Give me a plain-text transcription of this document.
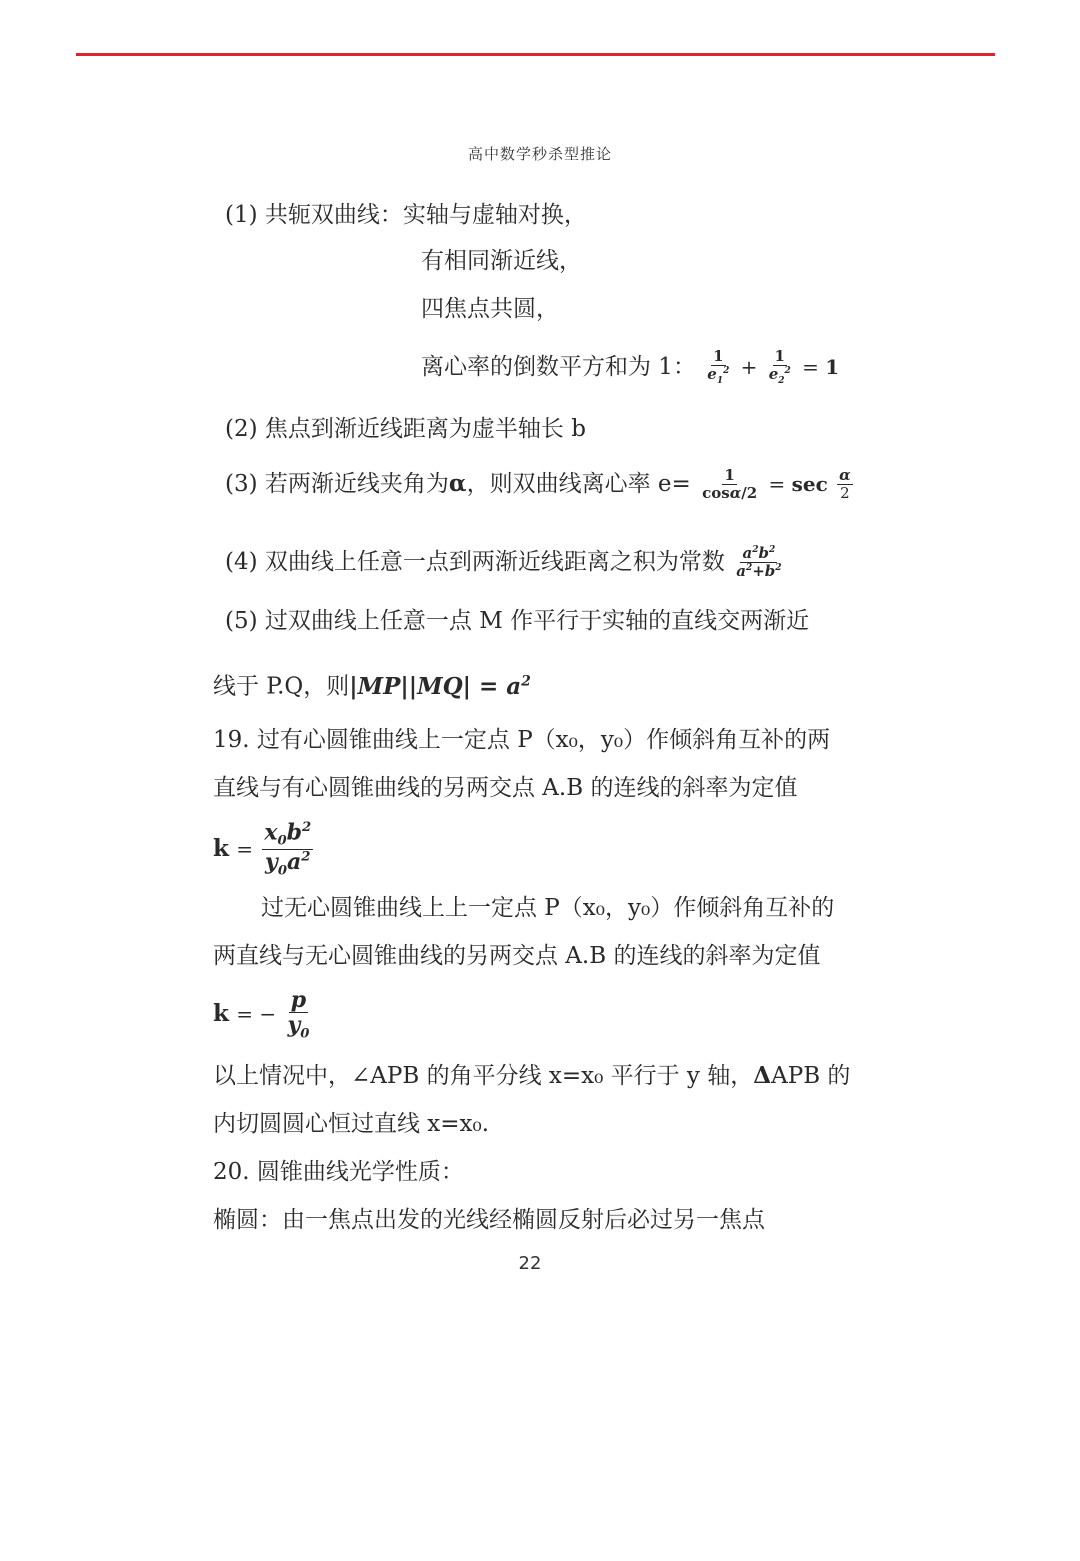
高中数学秒杀型推论
(1) 共轭双曲线：实轴与虚轴对换，
有相同渐近线，
四焦点共圆，
离心率的倒数平方和为 1： $\frac{1}{e_1^2} + \frac{1}{e_2^2} = 1$
(2) 焦点到渐近线距离为虚半轴长 b
(3) 若两渐近线夹角为α，则双曲线离心率 $e= \frac{1}{\cos\alpha/2} = \sec \frac{\alpha}{2}$
(4) 双曲线上任意一点到两渐近线距离之积为常数 $\frac{a^2b^2}{a^2+b^2}$
(5) 过双曲线上任意一点 M 作平行于实轴的直线交两渐近
线于 P.Q，则$|MP||MQ| = a^2$
19. 过有心圆锥曲线上一定点 P（x₀，y₀）作倾斜角互补的两
直线与有心圆锥曲线的另两交点 A.B 的连线的斜率为定值
$k = \frac{x_0b^2}{y_0a^2}$
过无心圆锥曲线上上一定点 P（x₀，y₀）作倾斜角互补的
两直线与无心圆锥曲线的另两交点 A.B 的连线的斜率为定值
k = − $\frac{p}{y_0}$
以上情况中，∠APB 的角平分线 x=x₀ 平行于 y 轴，ΔAPB 的
内切圆圆心恒过直线 x=x₀.
20. 圆锥曲线光学性质：
椭圆：由一焦点出发的光线经椭圆反射后必过另一焦点
22
